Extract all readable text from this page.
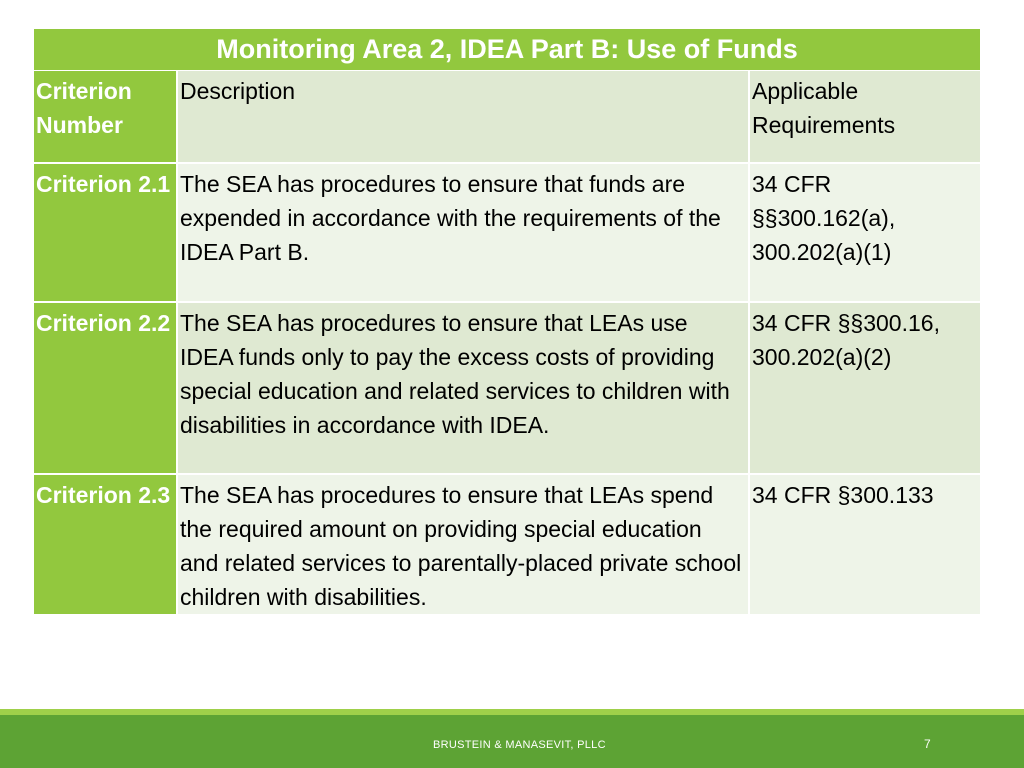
Monitoring Area 2, IDEA Part B: Use of Funds		
Criterion Number	Description	Applicable Requirements
Criterion 2.1	The SEA has procedures to ensure that funds are expended in accordance with the requirements of the IDEA Part B.	34 CFR §§300.162(a), 300.202(a)(1)
Criterion 2.2	The SEA has procedures to ensure that LEAs use IDEA funds only to pay the excess costs of providing special education and related services to children with disabilities in accordance with IDEA.	34 CFR §§300.16, 300.202(a)(2)
Criterion 2.3	The SEA has procedures to ensure that LEAs spend the required amount on providing special education and related services to parentally-placed private school children with disabilities.	34 CFR §300.133
BRUSTEIN & MANASEVIT, PLLC	7
